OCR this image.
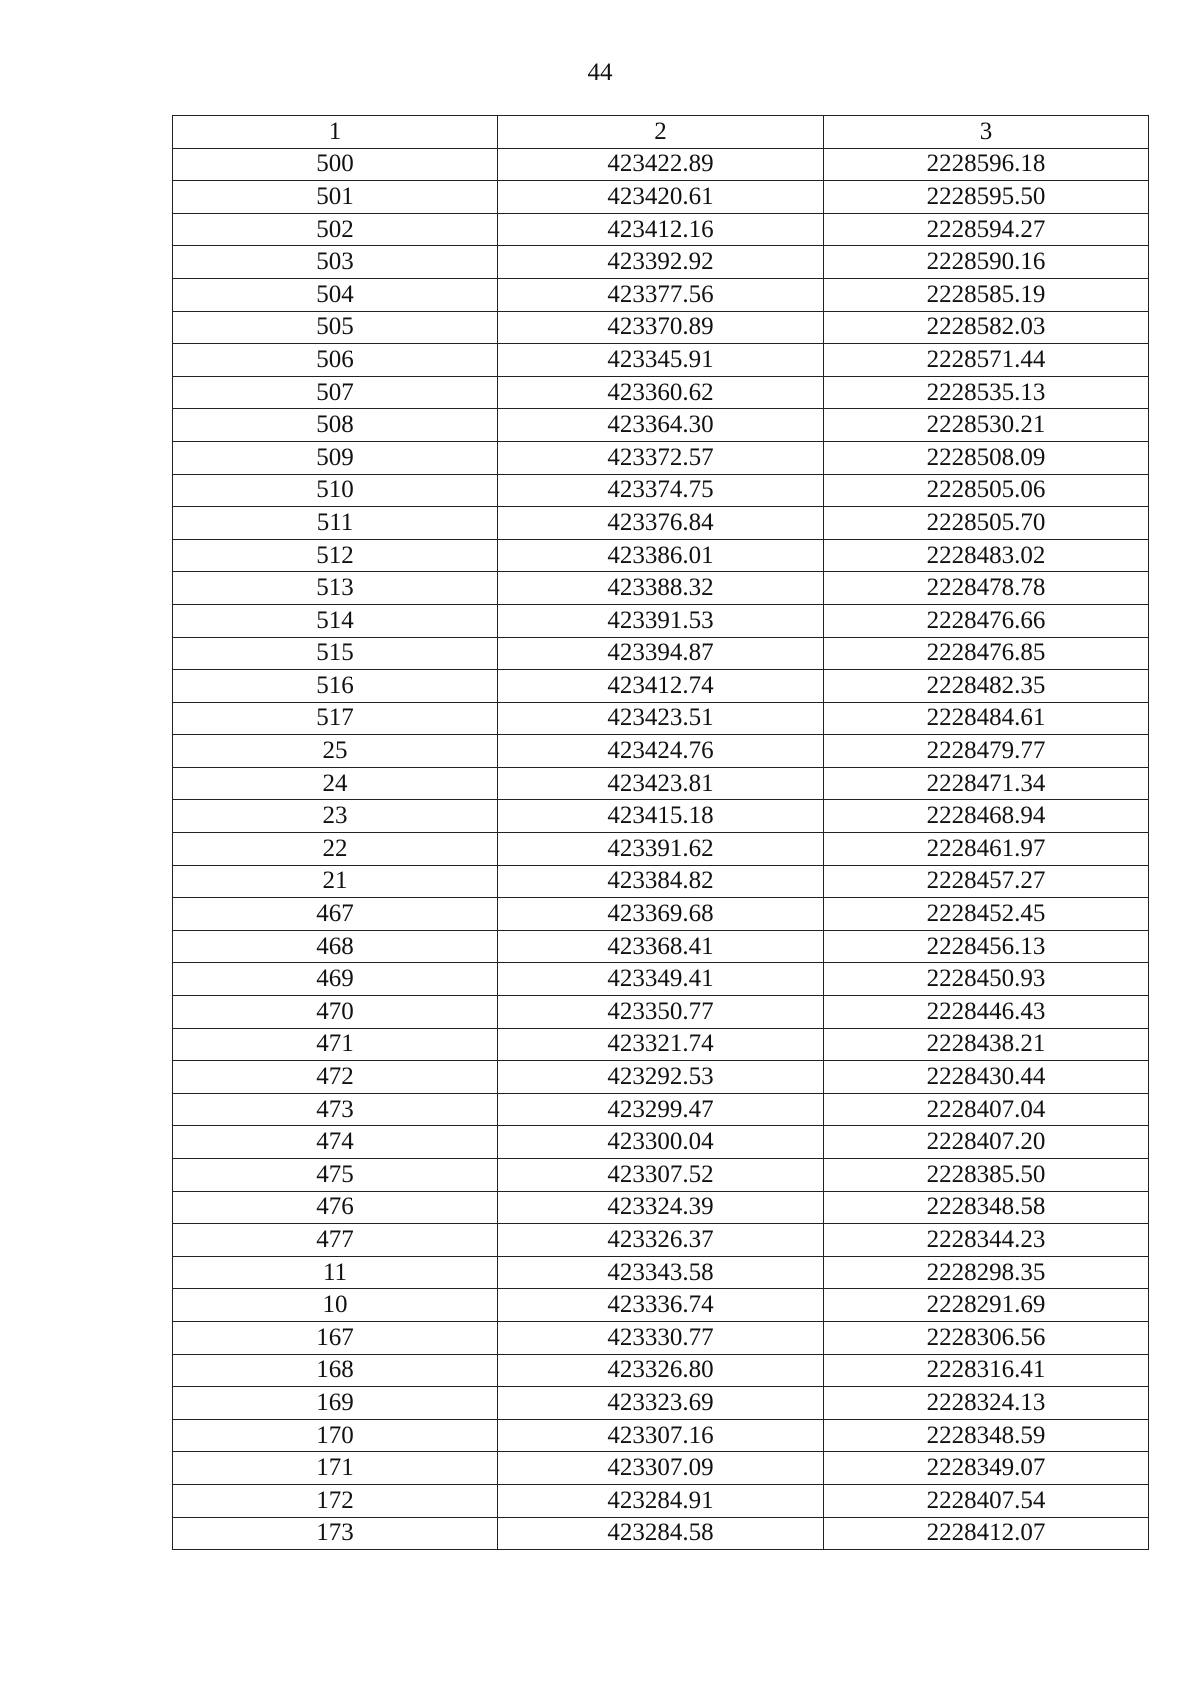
44
1	2	3
500	423422.89	2228596.18
501	423420.61	2228595.50
502	423412.16	2228594.27
503	423392.92	2228590.16
504	423377.56	2228585.19
505	423370.89	2228582.03
506	423345.91	2228571.44
507	423360.62	2228535.13
508	423364.30	2228530.21
509	423372.57	2228508.09
510	423374.75	2228505.06
511	423376.84	2228505.70
512	423386.01	2228483.02
513	423388.32	2228478.78
514	423391.53	2228476.66
515	423394.87	2228476.85
516	423412.74	2228482.35
517	423423.51	2228484.61
25	423424.76	2228479.77
24	423423.81	2228471.34
23	423415.18	2228468.94
22	423391.62	2228461.97
21	423384.82	2228457.27
467	423369.68	2228452.45
468	423368.41	2228456.13
469	423349.41	2228450.93
470	423350.77	2228446.43
471	423321.74	2228438.21
472	423292.53	2228430.44
473	423299.47	2228407.04
474	423300.04	2228407.20
475	423307.52	2228385.50
476	423324.39	2228348.58
477	423326.37	2228344.23
11	423343.58	2228298.35
10	423336.74	2228291.69
167	423330.77	2228306.56
168	423326.80	2228316.41
169	423323.69	2228324.13
170	423307.16	2228348.59
171	423307.09	2228349.07
172	423284.91	2228407.54
173	423284.58	2228412.07
